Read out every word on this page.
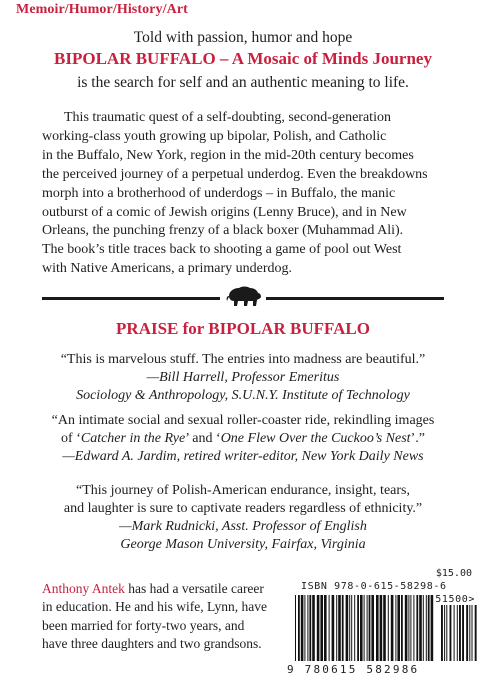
Memoir/Humor/History/Art
Told with passion, humor and hope
BIPOLAR BUFFALO – A Mosaic of Minds Journey
is the search for self and an authentic meaning to life.
This traumatic quest of a self-doubting, second-generation
working-class youth growing up bipolar, Polish, and Catholic
in the Buffalo, New York, region in the mid-20th century becomes
the perceived journey of a perpetual underdog. Even the breakdowns
morph into a brotherhood of underdogs – in Buffalo, the manic
outburst of a comic of Jewish origins (Lenny Bruce), and in New
Orleans, the punching frenzy of a black boxer (Muhammad Ali).
The book’s title traces back to shooting a game of pool out West
with Native Americans, a primary underdog.
PRAISE for BIPOLAR BUFFALO
“This is marvelous stuff. The entries into madness are beautiful.”
—Bill Harrell, Professor Emeritus
Sociology & Anthropology, S.U.N.Y. Institute of Technology
“An intimate social and sexual roller-coaster ride, rekindling images
of ‘Catcher in the Rye’ and ‘One Flew Over the Cuckoo’s Nest’.”
—Edward A. Jardim, retired writer-editor, New York Daily News
“This journey of Polish-American endurance, insight, tears,
and laughter is sure to captivate readers regardless of ethnicity.”
—Mark Rudnicki, Asst. Professor of English
George Mason University, Fairfax, Virginia
Anthony Antek has had a versatile career
in education. He and his wife, Lynn, have
been married for forty-two years, and
have three daughters and two grandsons.
$15.00
ISBN 978-0-615-58298-6
51500>
9 780615 582986
